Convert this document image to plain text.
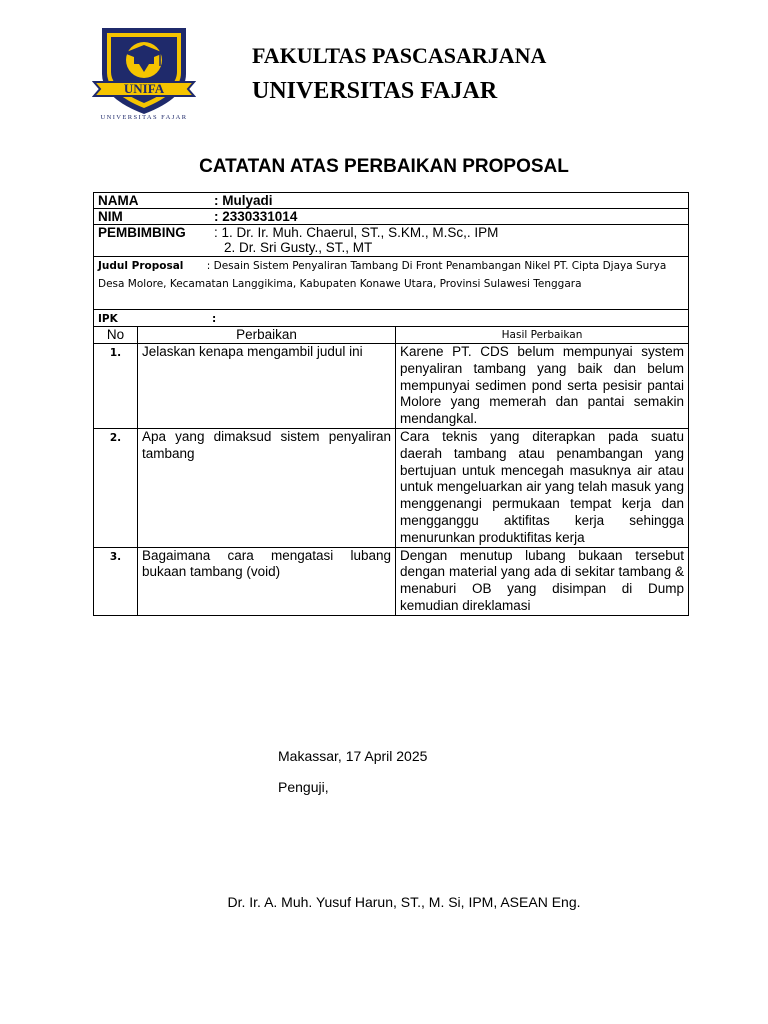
UNIFA
UNIVERSITAS FAJAR
FAKULTAS PASCASARJANA
UNIVERSITAS FAJAR
CATATAN ATAS PERBAIKAN PROPOSAL
NAMA : Mulyadi		
NIM : 2330331014		
PEMBIMBING : 1. Dr. Ir. Muh. Chaerul, ST., S.KM., M.Sc,. IPM
2. Dr. Sri Gusty., ST., MT		
Judul Proposal : Desain Sistem Penyaliran Tambang Di Front Penambangan Nikel PT. Cipta Djaya Surya Desa Molore, Kecamatan Langgikima, Kabupaten Konawe Utara, Provinsi Sulawesi Tenggara		
IPK :		
No	Perbaikan	Hasil Perbaikan
1.	Jelaskan kenapa mengambil judul ini	Karene PT. CDS belum mempunyai system penyaliran tambang yang baik dan belum mempunyai sedimen pond serta pesisir pantai Molore yang memerah dan pantai semakin mendangkal.
2.	Apa yang dimaksud sistem penyaliran tambang	Cara teknis yang diterapkan pada suatu daerah tambang atau penambangan yang bertujuan untuk mencegah masuknya air atau untuk mengeluarkan air yang telah masuk yang menggenangi permukaan tempat kerja dan mengganggu aktifitas kerja sehingga menurunkan produktifitas kerja
3.	Bagaimana cara mengatasi lubang bukaan tambang (void)	Dengan menutup lubang bukaan tersebut dengan material yang ada di sekitar tambang & menaburi OB yang disimpan di Dump kemudian direklamasi
Makassar, 17 April 2025
Penguji,
Dr. Ir. A. Muh. Yusuf Harun, ST., M. Si, IPM, ASEAN Eng.
